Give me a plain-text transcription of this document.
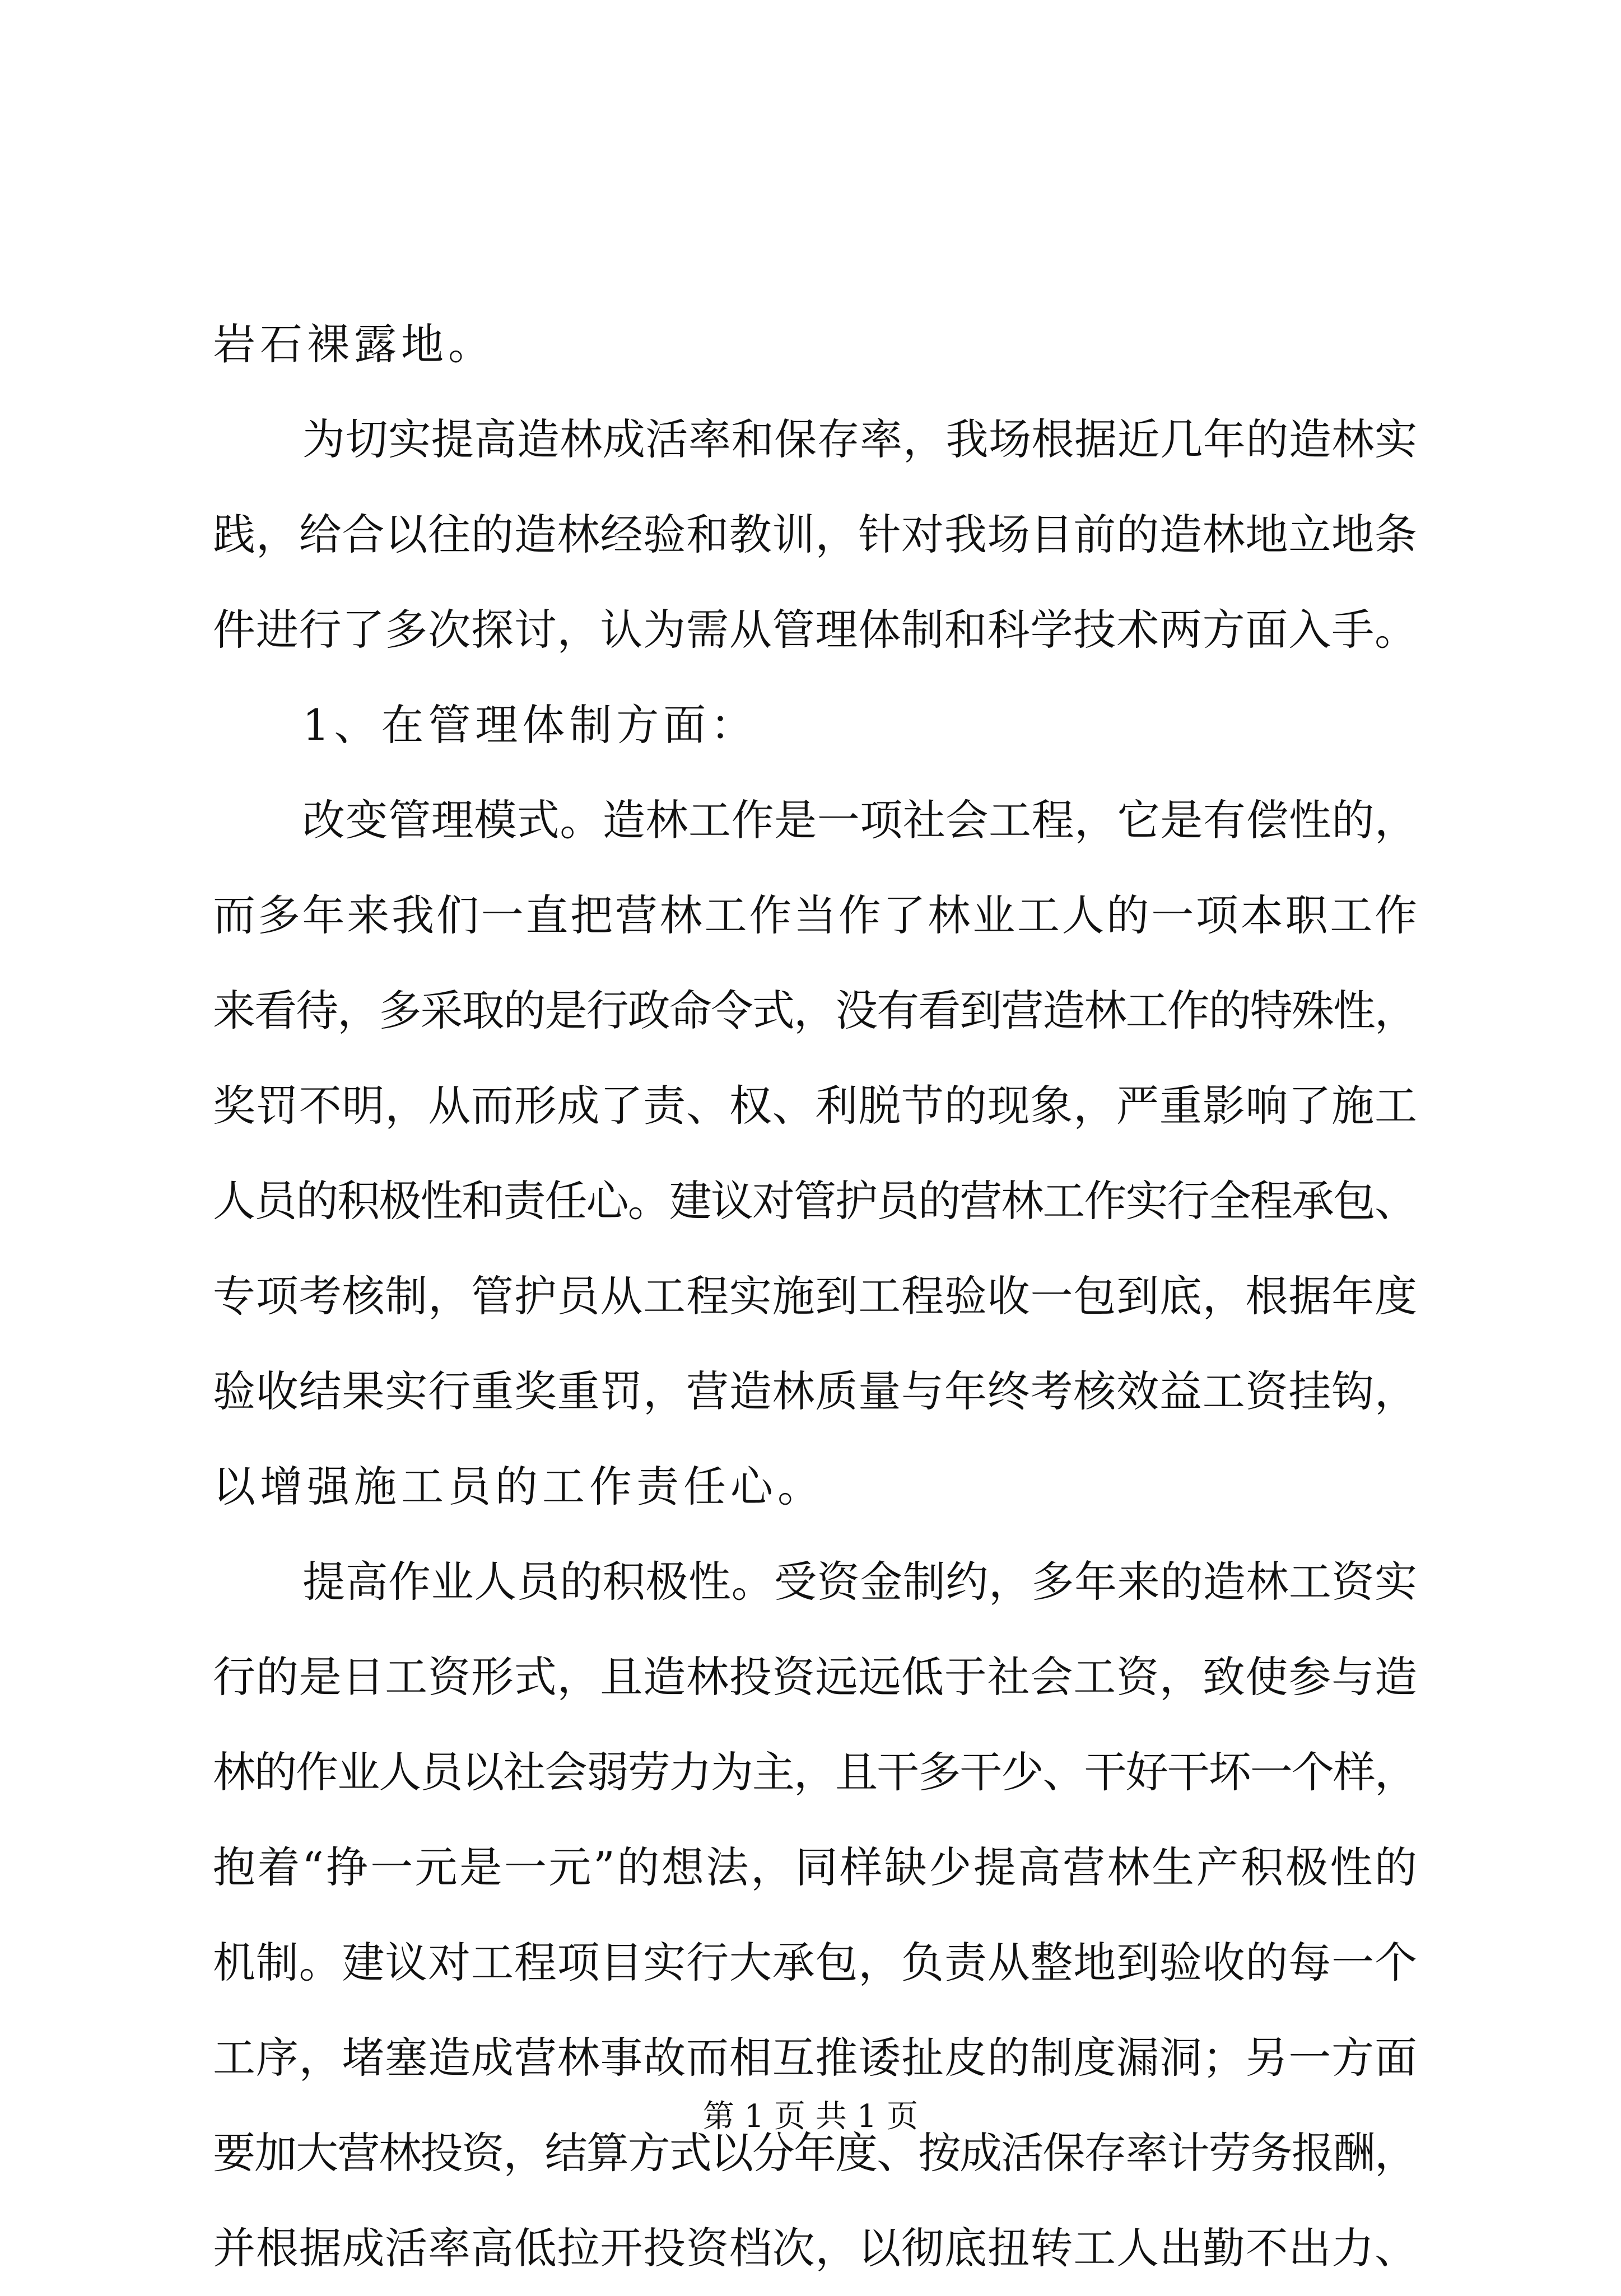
岩石裸露地。
为切实提高造林成活率和保存率，我场根据近几年的造林实
践，给合以往的造林经验和教训，针对我场目前的造林地立地条
件进行了多次探讨，认为需从管理体制和科学技术两方面入手。
1、在管理体制方面：
改变管理模式。造林工作是一项社会工程，它是有偿性的，
而多年来我们一直把营林工作当作了林业工人的一项本职工作
来看待，多采取的是行政命令式，没有看到营造林工作的特殊性，
奖罚不明，从而形成了责、权、利脱节的现象，严重影响了施工
人员的积极性和责任心。建议对管护员的营林工作实行全程承包、
专项考核制，管护员从工程实施到工程验收一包到底，根据年度
验收结果实行重奖重罚，营造林质量与年终考核效益工资挂钩，
以增强施工员的工作责任心。
提高作业人员的积极性。受资金制约，多年来的造林工资实
行的是日工资形式，且造林投资远远低于社会工资，致使参与造
林的作业人员以社会弱劳力为主，且干多干少、干好干坏一个样，
抱着“挣一元是一元”的想法，同样缺少提高营林生产积极性的
机制。建议对工程项目实行大承包，负责从整地到验收的每一个
工序，堵塞造成营林事故而相互推诿扯皮的制度漏洞；另一方面
要加大营林投资，结算方式以分年度、按成活保存率计劳务报酬，
并根据成活率高低拉开投资档次，以彻底扭转工人出勤不出力、
第 1 页 共 1 页
